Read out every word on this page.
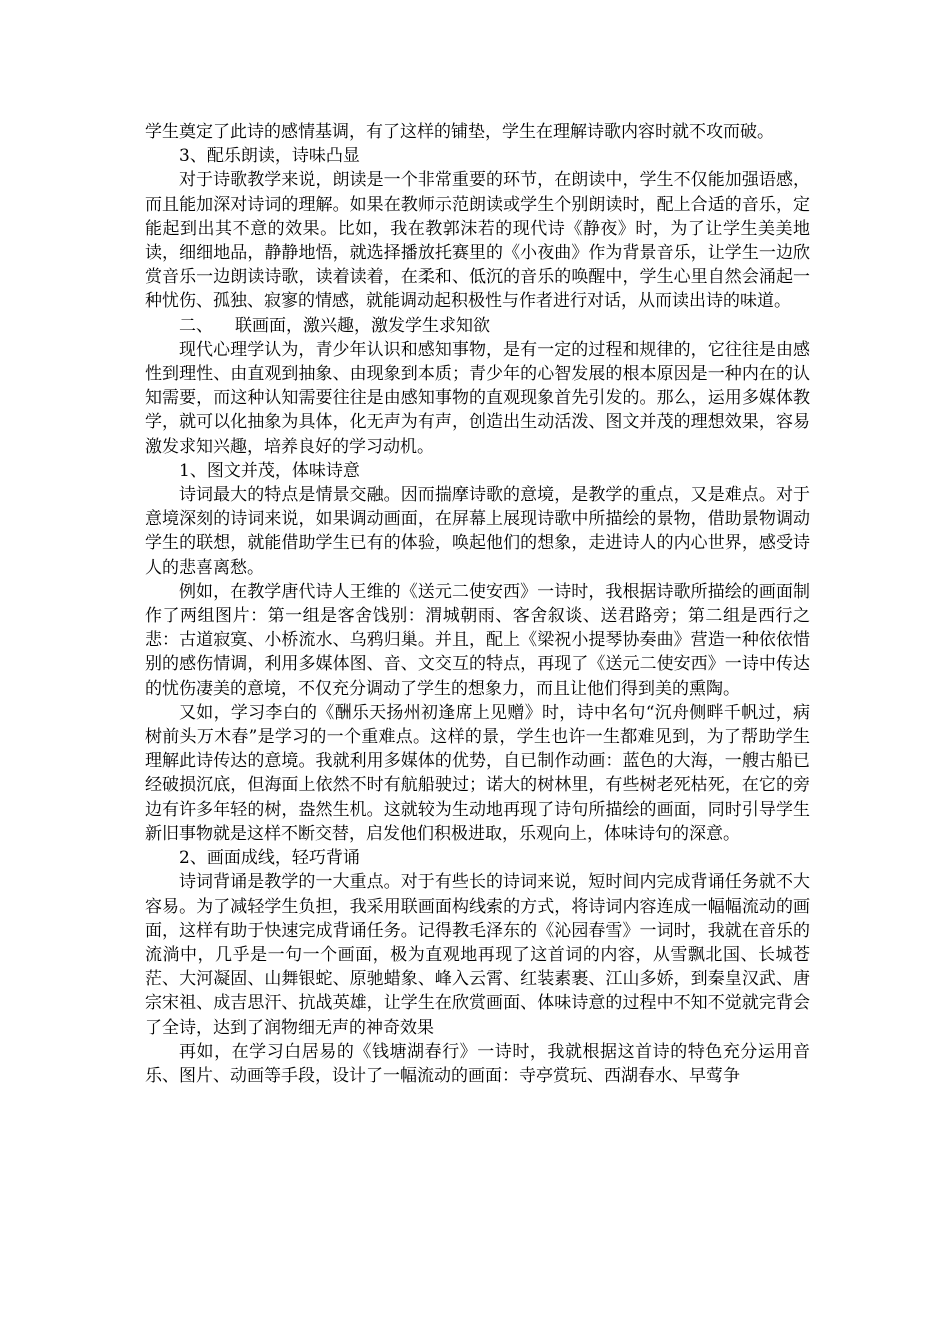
学生奠定了此诗的感情基调，有了这样的铺垫，学生在理解诗歌内容时就不攻而破。

3、配乐朗读，诗味凸显

对于诗歌教学来说，朗读是一个非常重要的环节，在朗读中，学生不仅能加强语感，而且能加深对诗词的理解。如果在教师示范朗读或学生个别朗读时，配上合适的音乐，定能起到出其不意的效果。比如，我在教郭沫若的现代诗《静夜》时，为了让学生美美地读，细细地品，静静地悟，就选择播放托赛里的《小夜曲》作为背景音乐，让学生一边欣赏音乐一边朗读诗歌，读着读着，在柔和、低沉的音乐的唤醒中，学生心里自然会涌起一种忧伤、孤独、寂寥的情感，就能调动起积极性与作者进行对话，从而读出诗的味道。

二、 联画面，激兴趣，激发学生求知欲

现代心理学认为，青少年认识和感知事物，是有一定的过程和规律的，它往往是由感性到理性、由直观到抽象、由现象到本质；青少年的心智发展的根本原因是一种内在的认知需要，而这种认知需要往往是由感知事物的直观现象首先引发的。那么，运用多媒体教学，就可以化抽象为具体，化无声为有声，创造出生动活泼、图文并茂的理想效果，容易激发求知兴趣，培养良好的学习动机。

1、图文并茂，体味诗意

诗词最大的特点是情景交融。因而揣摩诗歌的意境，是教学的重点，又是难点。对于意境深刻的诗词来说，如果调动画面，在屏幕上展现诗歌中所描绘的景物，借助景物调动学生的联想，就能借助学生已有的体验，唤起他们的想象，走进诗人的内心世界，感受诗人的悲喜离愁。

例如，在教学唐代诗人王维的《送元二使安西》一诗时，我根据诗歌所描绘的画面制作了两组图片：第一组是客舍饯别：渭城朝雨、客舍叙谈、送君路旁；第二组是西行之悲：古道寂寞、小桥流水、乌鸦归巢。并且，配上《梁祝小提琴协奏曲》营造一种依依惜别的感伤情调，利用多媒体图、音、文交互的特点，再现了《送元二使安西》一诗中传达的忧伤凄美的意境，不仅充分调动了学生的想象力，而且让他们得到美的熏陶。

又如，学习李白的《酬乐天扬州初逢席上见赠》时，诗中名句“沉舟侧畔千帆过，病树前头万木春”是学习的一个重难点。这样的景，学生也许一生都难见到，为了帮助学生理解此诗传达的意境。我就利用多媒体的优势，自已制作动画：蓝色的大海，一艘古船已经破损沉底，但海面上依然不时有航船驶过；诺大的树林里，有些树老死枯死，在它的旁边有许多年轻的树，盎然生机。这就较为生动地再现了诗句所描绘的画面，同时引导学生新旧事物就是这样不断交替，启发他们积极进取，乐观向上，体味诗句的深意。

2、画面成线，轻巧背诵

诗词背诵是教学的一大重点。对于有些长的诗词来说，短时间内完成背诵任务就不大容易。为了减轻学生负担，我采用联画面构线索的方式，将诗词内容连成一幅幅流动的画面，这样有助于快速完成背诵任务。记得教毛泽东的《沁园春雪》一词时，我就在音乐的流淌中，几乎是一句一个画面，极为直观地再现了这首词的内容，从雪飘北国、长城苍茫、大河凝固、山舞银蛇、原驰蜡象、峰入云霄、红装素裹、江山多娇，到秦皇汉武、唐宗宋祖、成吉思汗、抗战英雄，让学生在欣赏画面、体味诗意的过程中不知不觉就完背会了全诗，达到了润物细无声的神奇效果

再如，在学习白居易的《钱塘湖春行》一诗时，我就根据这首诗的特色充分运用音乐、图片、动画等手段，设计了一幅流动的画面：寺亭赏玩、西湖春水、早莺争
